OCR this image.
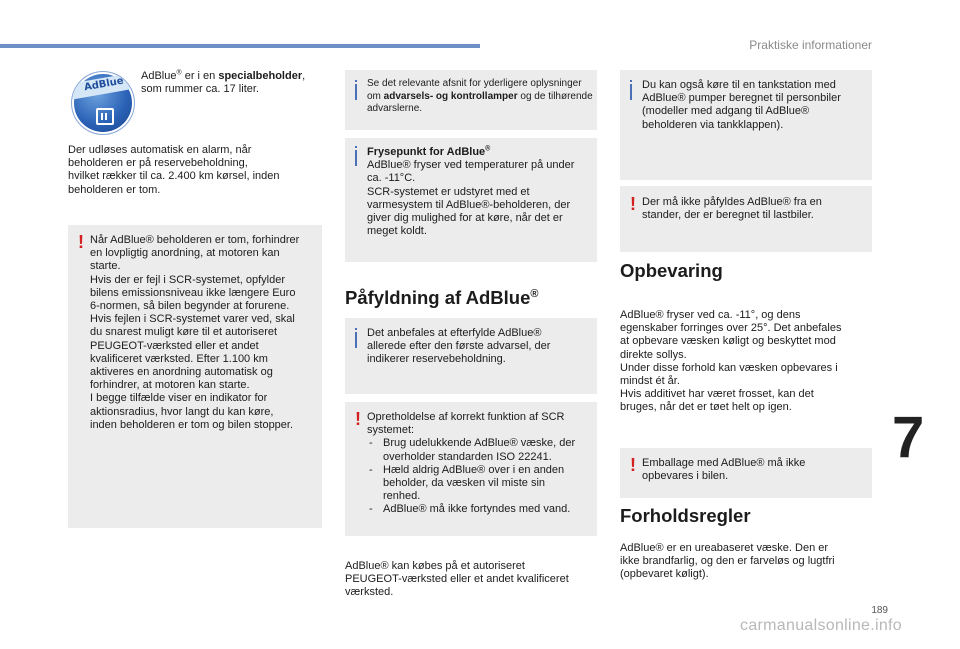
Praktiske informationer
AdBlue AdBlue® er i en specialbeholder, som rummer ca. 17 liter.
Der udløses automatisk en alarm, når
beholderen er på reservebeholdning,
hvilket rækker til ca. 2.400 km kørsel, inden
beholderen er tom.
! Når AdBlue® beholderen er tom, forhindrer
en lovpligtig anordning, at motoren kan
starte.
Hvis der er fejl i SCR-systemet, opfylder
bilens emissionsniveau ikke længere Euro
6-normen, så bilen begynder at forurene.
Hvis fejlen i SCR-systemet varer ved, skal
du snarest muligt køre til et autoriseret
PEUGEOT-værksted eller et andet
kvalificeret værksted. Efter 1.100 km
aktiveres en anordning automatisk og
forhindrer, at motoren kan starte.
I begge tilfælde viser en indikator for
aktionsradius, hvor langt du kan køre,
inden beholderen er tom og bilen stopper.
Se det relevante afsnit for yderligere oplysninger om advarsels- og kontrollamper og de tilhørende advarslerne.
Frysepunkt for AdBlue®
AdBlue® fryser ved temperaturer på under
ca. -11°C.
SCR-systemet er udstyret med et
varmesystem til AdBlue®-beholderen, der
giver dig mulighed for at køre, når det er
meget koldt.
Påfyldning af AdBlue®
Det anbefales at efterfylde AdBlue®
allerede efter den første advarsel, der
indikerer reservebeholdning.
! Opretholdelse af korrekt funktion af SCR
systemet:
- Brug udelukkende AdBlue® væske, der
overholder standarden ISO 22241.
- Hæld aldrig AdBlue® over i en anden
beholder, da væsken vil miste sin
renhed.
- AdBlue® må ikke fortyndes med vand.
AdBlue® kan købes på et autoriseret
PEUGEOT-værksted eller et andet kvalificeret
værksted.
Du kan også køre til en tankstation med
AdBlue® pumper beregnet til personbiler
(modeller med adgang til AdBlue®
beholderen via tankklappen).
! Der må ikke påfyldes AdBlue® fra en
stander, der er beregnet til lastbiler.
Opbevaring
AdBlue® fryser ved ca. -11°, og dens
egenskaber forringes over 25°. Det anbefales
at opbevare væsken køligt og beskyttet mod
direkte sollys.
Under disse forhold kan væsken opbevares i
mindst ét år.
Hvis additivet har været frosset, kan det
bruges, når det er tøet helt op igen.
! Emballage med AdBlue® må ikke
opbevares i bilen.
Forholdsregler
AdBlue® er en ureabaseret væske. Den er
ikke brandfarlig, og den er farveløs og lugtfri
(opbevaret køligt).
7
189
carmanualsonline.info
